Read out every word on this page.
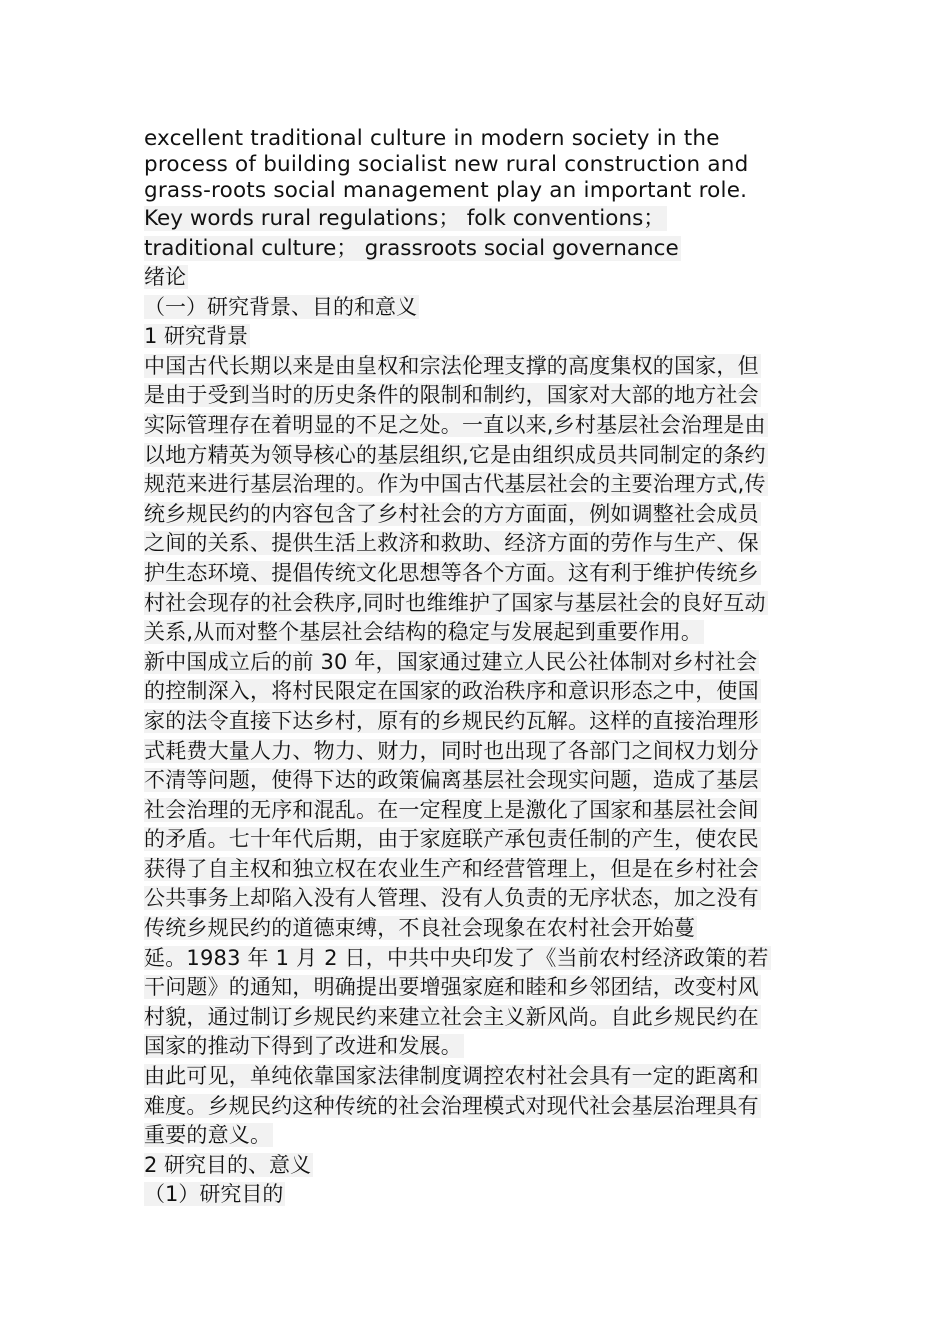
excellent traditional culture in modern society in the
process of building socialist new rural construction and
grass-roots social management play an important role.

Key words rural regulations； folk conventions；
traditional culture； grassroots social governance

绪论

（一）研究背景、目的和意义

1 研究背景

中国古代长期以来是由皇权和宗法伦理支撑的高度集权的国家，但
是由于受到当时的历史条件的限制和制约，国家对大部的地方社会
实际管理存在着明显的不足之处。一直以来,乡村基层社会治理是由
以地方精英为领导核心的基层组织,它是由组织成员共同制定的条约
规范来进行基层治理的。作为中国古代基层社会的主要治理方式,传
统乡规民约的内容包含了乡村社会的方方面面，例如调整社会成员
之间的关系、提供生活上救济和救助、经济方面的劳作与生产、保
护生态环境、提倡传统文化思想等各个方面。这有利于维护传统乡
村社会现存的社会秩序,同时也维维护了国家与基层社会的良好互动
关系,从而对整个基层社会结构的稳定与发展起到重要作用。

新中国成立后的前 30 年，国家通过建立人民公社体制对乡村社会
的控制深入，将村民限定在国家的政治秩序和意识形态之中，使国
家的法令直接下达乡村，原有的乡规民约瓦解。这样的直接治理形
式耗费大量人力、物力、财力，同时也出现了各部门之间权力划分
不清等问题，使得下达的政策偏离基层社会现实问题，造成了基层
社会治理的无序和混乱。在一定程度上是激化了国家和基层社会间
的矛盾。七十年代后期，由于家庭联产承包责任制的产生，使农民
获得了自主权和独立权在农业生产和经营管理上，但是在乡村社会
公共事务上却陷入没有人管理、没有人负责的无序状态，加之没有
传统乡规民约的道德束缚，不良社会现象在农村社会开始蔓
延。1983 年 1 月 2 日，中共中央印发了《当前农村经济政策的若
干问题》的通知，明确提出要增强家庭和睦和乡邻团结，改变村风
村貌，通过制订乡规民约来建立社会主义新风尚。自此乡规民约在
国家的推动下得到了改进和发展。

由此可见，单纯依靠国家法律制度调控农村社会具有一定的距离和
难度。乡规民约这种传统的社会治理模式对现代社会基层治理具有
重要的意义。

2 研究目的、意义

（1）研究目的
